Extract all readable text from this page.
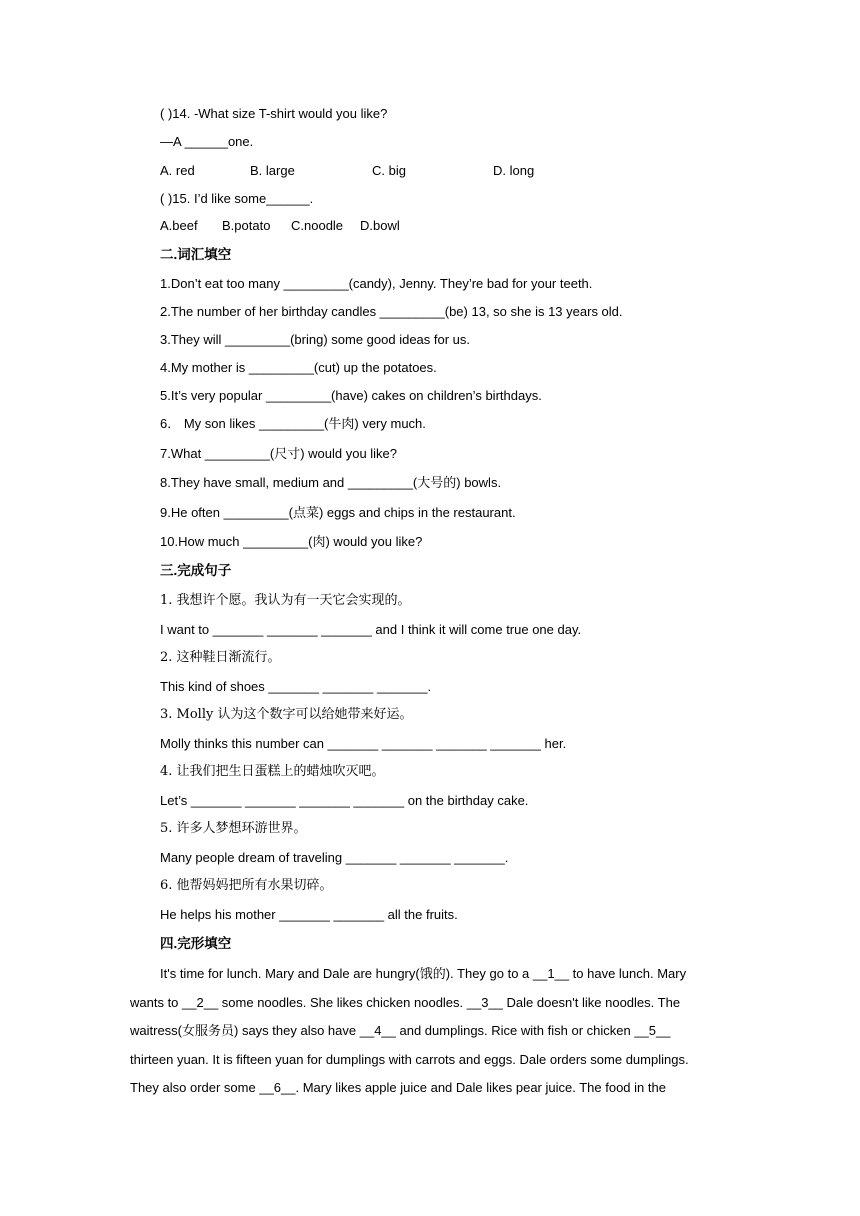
( )14. -What size T-shirt would you like?
—A ______one.
A. red	B. large	C. big	D. long
( )15. I’d like some______.
A.beef B.potato C.noodle D.bowl
二.词汇填空
1.Don’t eat too many _________(candy), Jenny. They’re bad for your teeth.
2.The number of her birthday candles _________(be) 13, so she is 13 years old.
3.They will _________(bring) some good ideas for us.
4.My mother is _________(cut) up the potatoes.
5.It’s very popular _________(have) cakes on children’s birthdays.
6． My son likes _________(牛肉) very much.
7.What _________(尺寸) would you like?
8.They have small, medium and _________(大号的) bowls.
9.He often _________(点菜) eggs and chips in the restaurant.
10.How much _________(肉) would you like?
三.完成句子
1. 我想许个愿。我认为有一天它会实现的。
I want to _______ _______ _______ and I think it will come true one day.
2. 这种鞋日渐流行。
This kind of shoes _______ _______ _______.
3. Molly 认为这个数字可以给她带来好运。
Molly thinks this number can _______ _______ _______ _______ her.
4. 让我们把生日蛋糕上的蜡烛吹灭吧。
Let’s _______ _______ _______ _______ on the birthday cake.
5. 许多人梦想环游世界。
Many people dream of traveling _______ _______ _______.
6. 他帮妈妈把所有水果切碎。
He helps his mother _______ _______ all the fruits.
四.完形填空
It's time for lunch. Mary and Dale are hungry(饿的). They go to a __1__ to have lunch. Mary
wants to __2__ some noodles. She likes chicken noodles. __3__ Dale doesn't like noodles. The
waitress(女服务员) says they also have __4__ and dumplings. Rice with fish or chicken __5__
thirteen yuan. It is fifteen yuan for dumplings with carrots and eggs. Dale orders some dumplings.
They also order some __6__. Mary likes apple juice and Dale likes pear juice. The food in the
